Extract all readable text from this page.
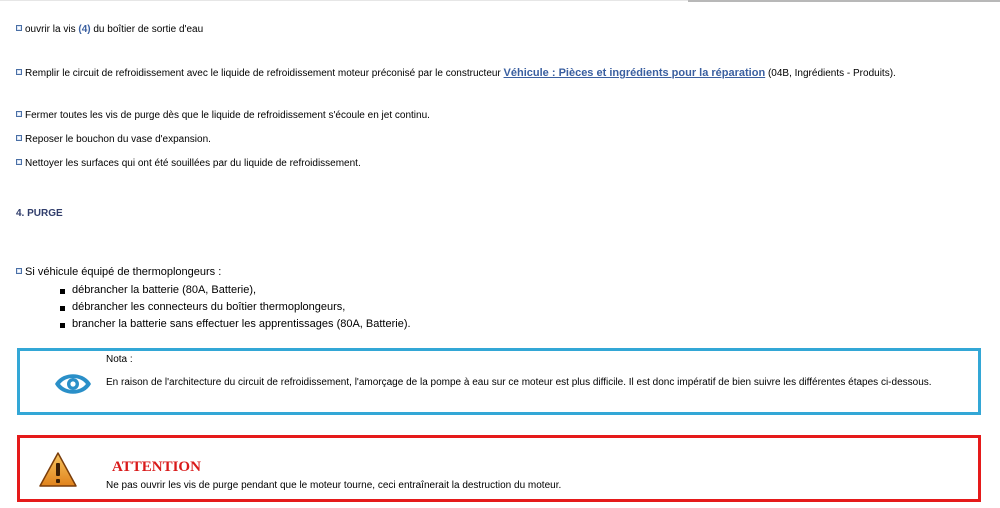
ouvrir la vis (4) du boîtier de sortie d'eau
Remplir le circuit de refroidissement avec le liquide de refroidissement moteur préconisé par le constructeur Véhicule : Pièces et ingrédients pour la réparation (04B, Ingrédients - Produits).
Fermer toutes les vis de purge dès que le liquide de refroidissement s'écoule en jet continu.
Reposer le bouchon du vase d'expansion.
Nettoyer les surfaces qui ont été souillées par du liquide de refroidissement.
4. PURGE
Si véhicule équipé de thermoplongeurs :
débrancher la batterie (80A, Batterie),
débrancher les connecteurs du boîtier thermoplongeurs,
brancher la batterie sans effectuer les apprentissages (80A, Batterie).
Nota :
En raison de l'architecture du circuit de refroidissement, l'amorçage de la pompe à eau sur ce moteur est plus difficile. Il est donc impératif de bien suivre les différentes étapes ci-dessous.
ATTENTION
Ne pas ouvrir les vis de purge pendant que le moteur tourne, ceci entraînerait la destruction du moteur.
